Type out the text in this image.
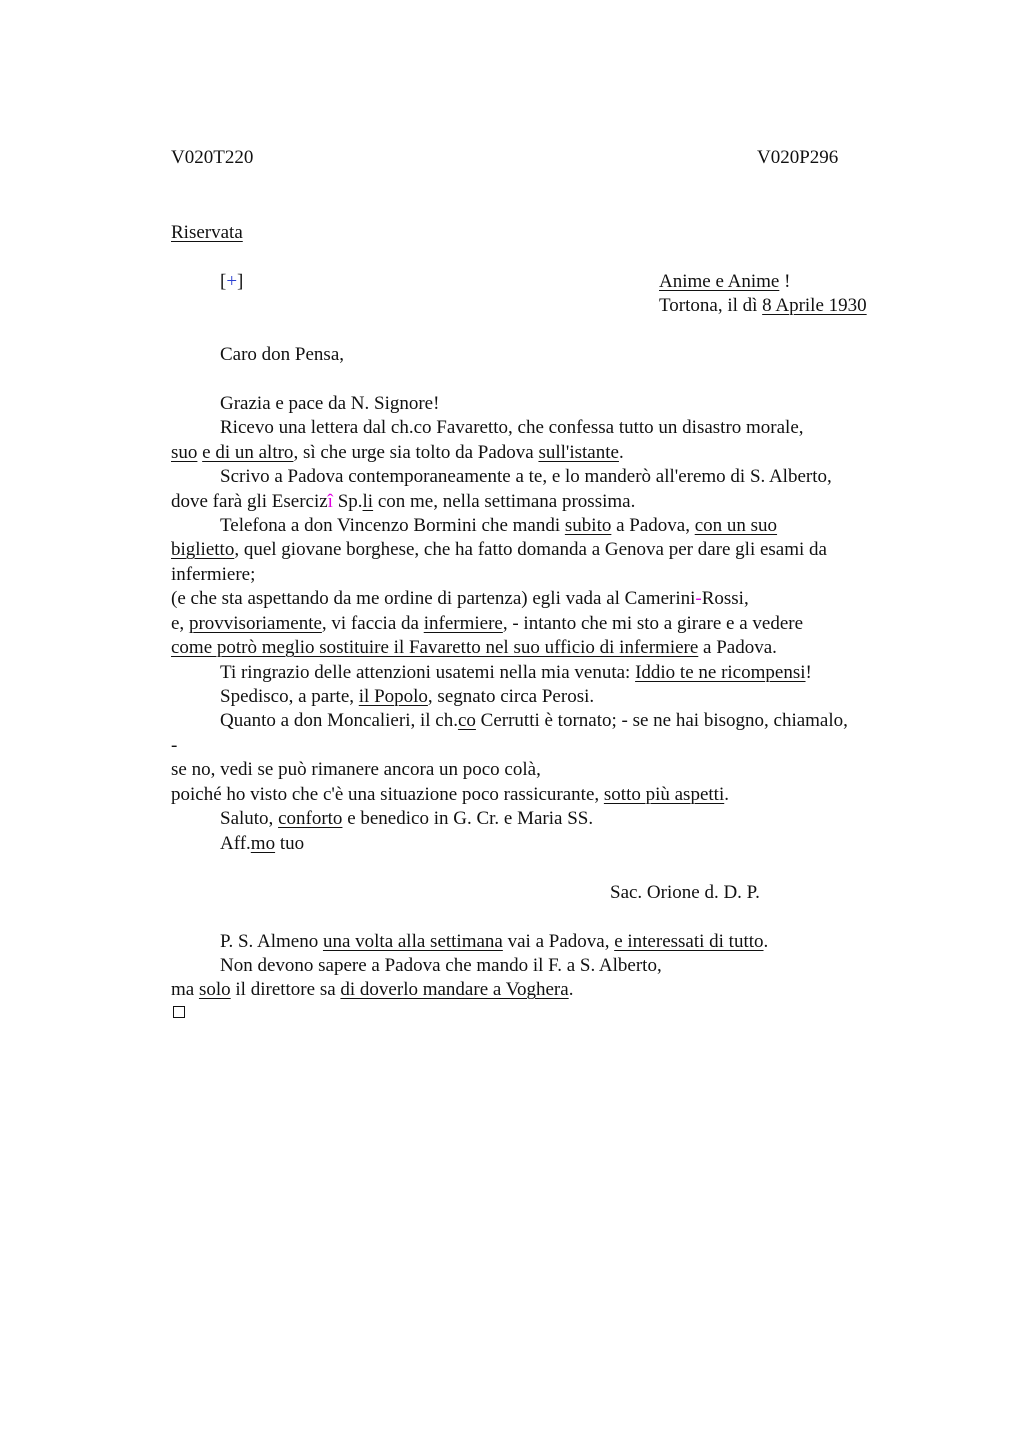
V020T220	V020P296
Riservata
[+]	Anime e Anime !
Tortona, il dì 8 Aprile 1930
Caro don Pensa,
Grazia e pace da N. Signore!
Ricevo una lettera dal ch.co Favaretto, che confessa tutto un disastro morale,
suo e di un altro, sì che urge sia tolto da Padova sull'istante.
Scrivo a Padova contemporaneamente a te, e lo manderò all'eremo di S. Alberto,
dove farà gli Esercizî Sp.li con me, nella settimana prossima.
Telefona a don Vincenzo Bormini che mandi subito a Padova, con un suo
biglietto, quel giovane borghese, che ha fatto domanda a Genova per dare gli esami da
infermiere;
(e che sta aspettando da me ordine di partenza) egli vada al Camerini-Rossi,
e, provvisoriamente, vi faccia da infermiere, - intanto che mi sto a girare e a vedere
come potrò meglio sostituire il Favaretto nel suo ufficio di infermiere a Padova.
Ti ringrazio delle attenzioni usatemi nella mia venuta: Iddio te ne ricompensi!
Spedisco, a parte, il Popolo, segnato circa Perosi.
Quanto a don Moncalieri, il ch.co Cerrutti è tornato; - se ne hai bisogno, chiamalo,
-
se no, vedi se può rimanere ancora un poco colà,
poiché ho visto che c'è una situazione poco rassicurante, sotto più aspetti.
Saluto, conforto e benedico in G. Cr. e Maria SS.
Aff.mo tuo
Sac. Orione d. D. P.
P. S. Almeno una volta alla settimana vai a Padova, e interessati di tutto.
Non devono sapere a Padova che mando il F. a S. Alberto,
ma solo il direttore sa di doverlo mandare a Voghera.
